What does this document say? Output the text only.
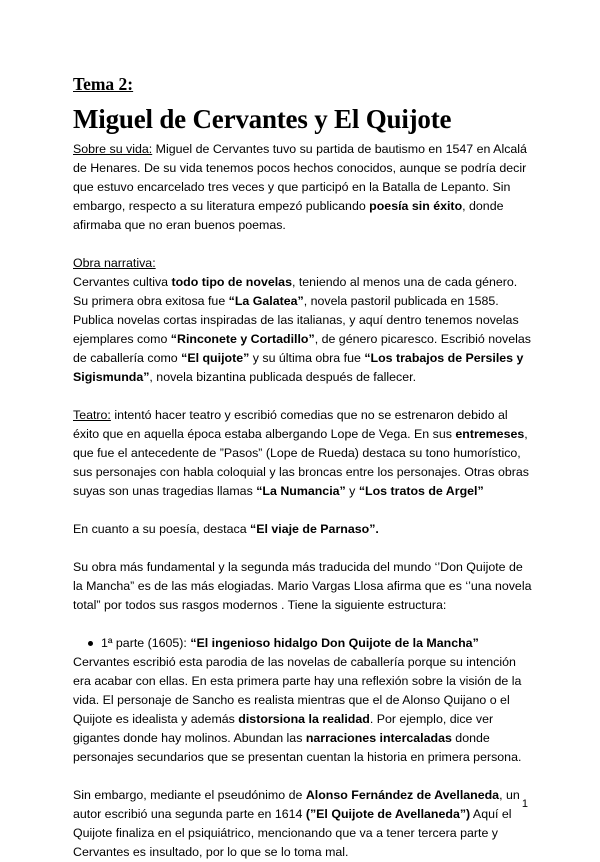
Tema 2:
Miguel de Cervantes y El Quijote

Sobre su vida: Miguel de Cervantes tuvo su partida de bautismo en 1547 en Alcalá de Henares. De su vida tenemos pocos hechos conocidos, aunque se podría decir que estuvo encarcelado tres veces y que participó en la Batalla de Lepanto. Sin embargo, respecto a su literatura empezó publicando poesía sin éxito, donde afirmaba que no eran buenos poemas.

Obra narrativa:

Cervantes cultiva todo tipo de novelas, teniendo al menos una de cada género. Su primera obra exitosa fue “La Galatea”, novela pastoril publicada en 1585. Publica novelas cortas inspiradas de las italianas, y aquí dentro tenemos novelas ejemplares como “Rinconete y Cortadillo”, de género picaresco. Escribió novelas de caballería como “El quijote” y su última obra fue “Los trabajos de Persiles y Sigismunda”, novela bizantina publicada después de fallecer.

Teatro: intentó hacer teatro y escribió comedias que no se estrenaron debido al éxito que en aquella época estaba albergando Lope de Vega. En sus entremeses, que fue el antecedente de ”Pasos” (Lope de Rueda) destaca su tono humorístico, sus personajes con habla coloquial y las broncas entre los personajes. Otras obras suyas son unas tragedias llamas “La Numancia” y “Los tratos de Argel”

En cuanto a su poesía, destaca “El viaje de Parnaso”.

Su obra más fundamental y la segunda más traducida del mundo ‘’Don Quijote de la Mancha” es de las más elogiadas. Mario Vargas Llosa afirma que es ‘’una novela total” por todos sus rasgos modernos . Tiene la siguiente estructura:

1ª parte (1605): “El ingenioso hidalgo Don Quijote de la Mancha”

Cervantes escribió esta parodia de las novelas de caballería porque su intención era acabar con ellas. En esta primera parte hay una reflexión sobre la visión de la vida. El personaje de Sancho es realista mientras que el de Alonso Quijano o el Quijote es idealista y además distorsiona la realidad. Por ejemplo, dice ver gigantes donde hay molinos. Abundan las narraciones intercaladas donde personajes secundarios que se presentan cuentan la historia en primera persona.

Sin embargo, mediante el pseudónimo de Alonso Fernández de Avellaneda, un autor escribió una segunda parte en 1614 (”El Quijote de Avellaneda”) Aquí el Quijote finaliza en el psiquiátrico, mencionando que va a tener tercera parte y Cervantes es insultado, por lo que se lo toma mal.

1
